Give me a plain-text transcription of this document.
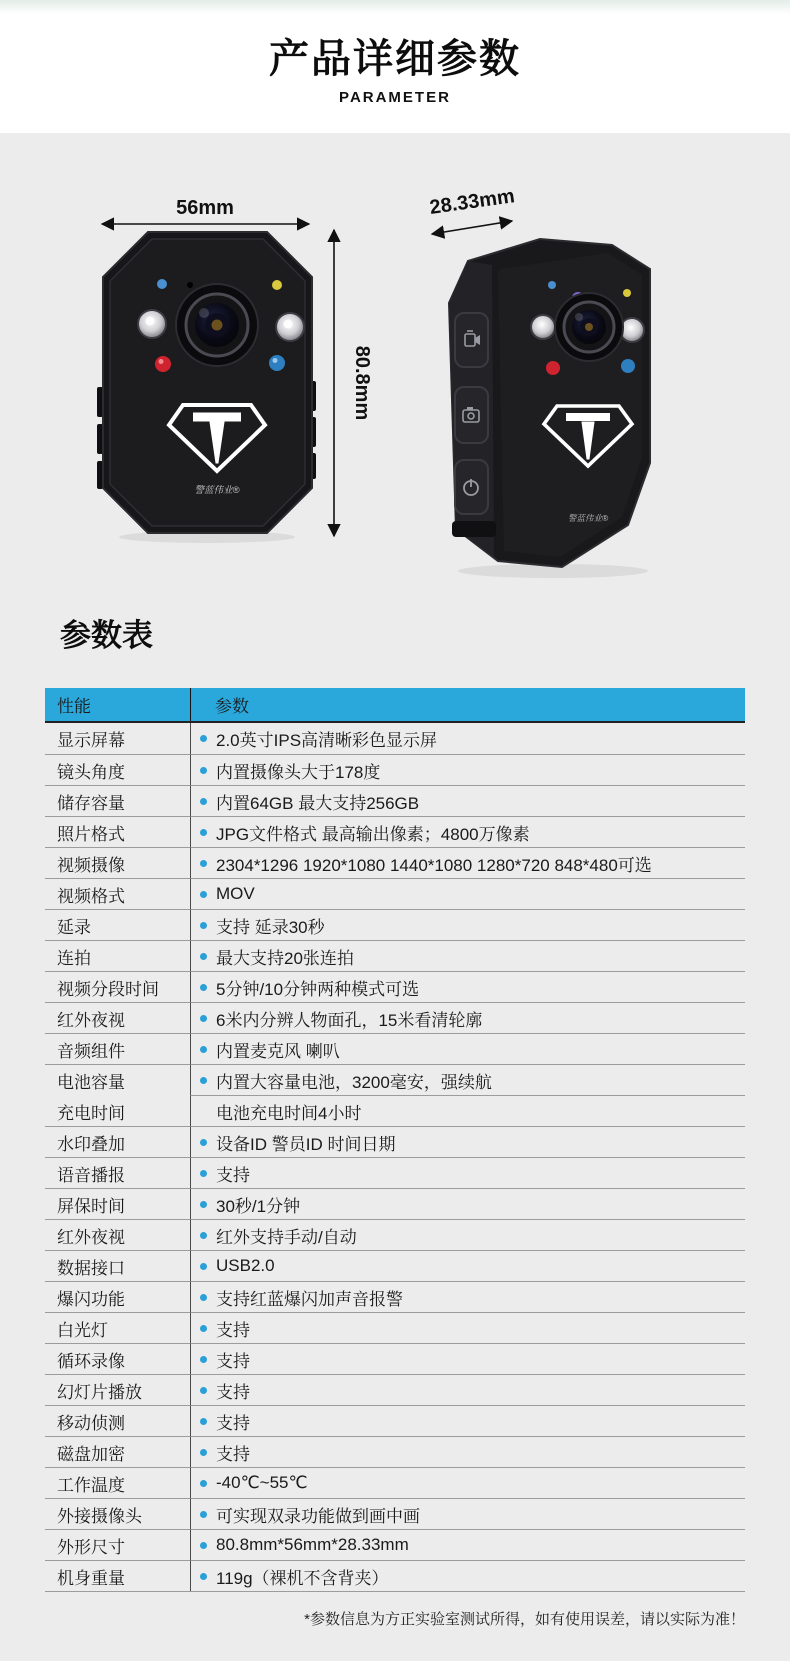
产品详细参数
PARAMETER
警蓝伟业®
56mm
80.8mm
警蓝伟业®
28.33mm
参数表
性能	参数
显示屏幕	2.0英寸IPS高清晰彩色显示屏
镜头角度	内置摄像头大于178度
储存容量	内置64GB 最大支持256GB
照片格式	JPG文件格式 最高输出像素；4800万像素
视频摄像	2304*1296 1920*1080 1440*1080 1280*720 848*480可选
视频格式	MOV
延录	支持 延录30秒
连拍	最大支持20张连拍
视频分段时间	5分钟/10分钟两种模式可选
红外夜视	6米内分辨人物面孔，15米看清轮廓
音频组件	内置麦克风 喇叭
电池容量	内置大容量电池，3200毫安，强续航
充电时间	电池充电时间4小时
水印叠加	设备ID 警员ID 时间日期
语音播报	支持
屏保时间	30秒/1分钟
红外夜视	红外支持手动/自动
数据接口	USB2.0
爆闪功能	支持红蓝爆闪加声音报警
白光灯	支持
循环录像	支持
幻灯片播放	支持
移动侦测	支持
磁盘加密	支持
工作温度	-40℃~55℃
外接摄像头	可实现双录功能做到画中画
外形尺寸	80.8mm*56mm*28.33mm
机身重量	119g（裸机不含背夹）
*参数信息为方正实验室测试所得，如有使用误差，请以实际为准！
